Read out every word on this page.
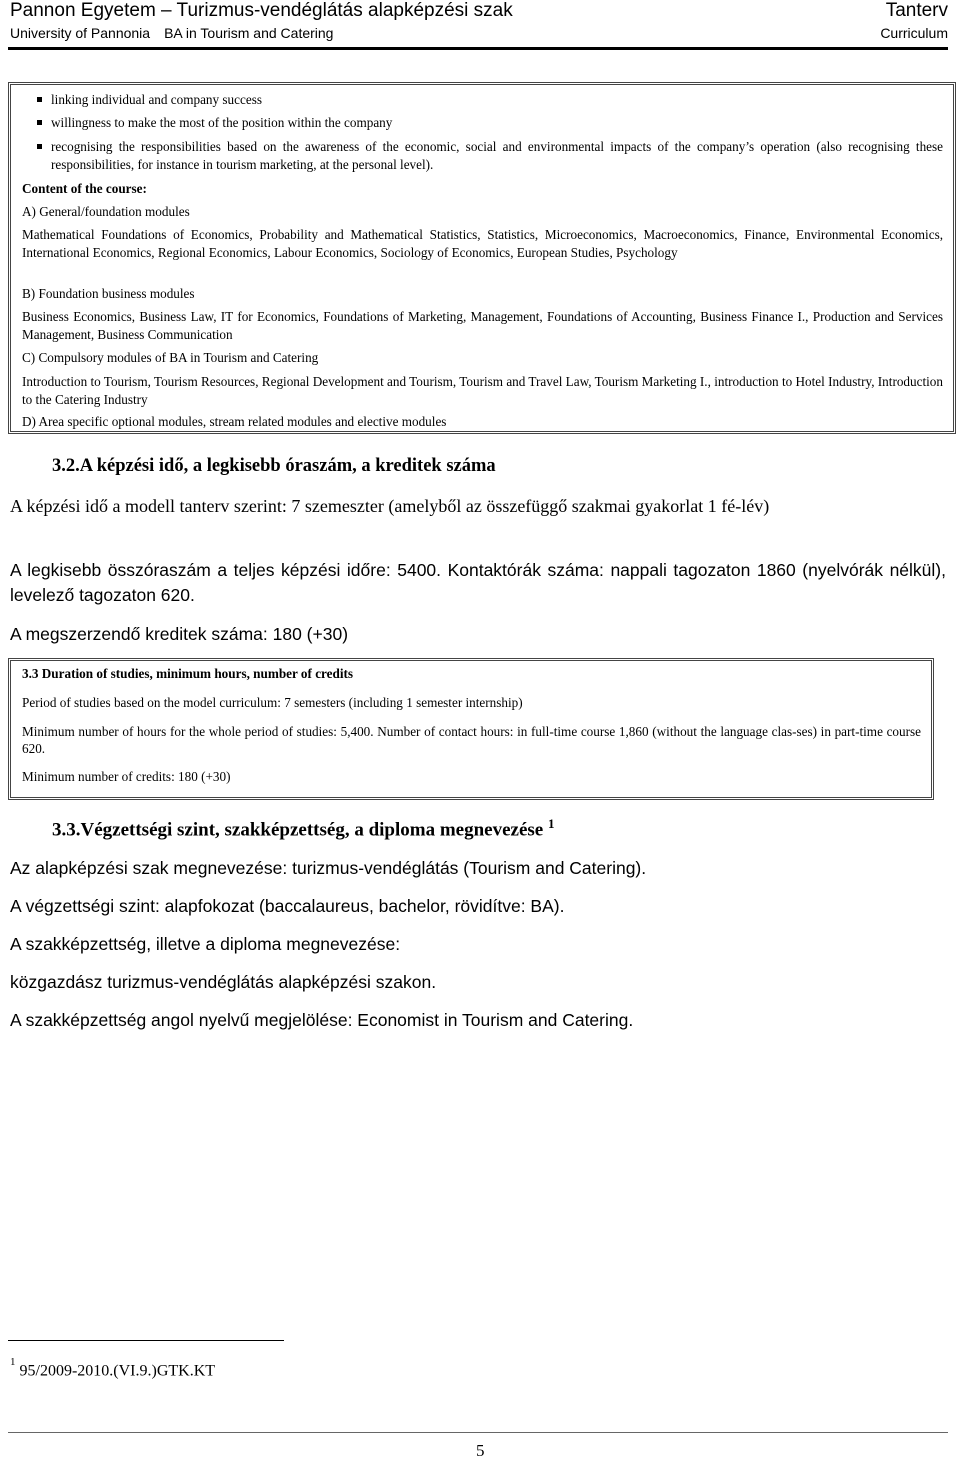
Pannon Egyetem – Turizmus-vendéglátás alapképzési szak	Tanterv
University of Pannonia BA in Tourism and Catering	Curriculum
linking individual and company success
willingness to make the most of the position within the company
recognising the responsibilities based on the awareness of the economic, social and environmental impacts of the company’s operation (also recognising these responsibilities, for instance in tourism marketing, at the personal level).
Content of the course:
A) General/foundation modules
Mathematical Foundations of Economics, Probability and Mathematical Statistics, Statistics, Microeconomics, Macroeconomics, Finance, Environmental Economics, International Economics, Regional Economics, Labour Economics, Sociology of Economics, European Studies, Psychology
B) Foundation business modules
Business Economics, Business Law, IT for Economics, Foundations of Marketing, Management, Foundations of Accounting, Business Finance I., Production and Services Management, Business Communication
C) Compulsory modules of BA in Tourism and Catering
Introduction to Tourism, Tourism Resources, Regional Development and Tourism, Tourism and Travel Law, Tourism Marketing I., introduction to Hotel Industry, Introduction to the Catering Industry
D) Area specific optional modules, stream related modules and elective modules
3.2.A képzési idő, a legkisebb óraszám, a kreditek száma
A képzési idő a modell tanterv szerint: 7 szemeszter (amelyből az összefüggő szakmai gyakorlat 1 fé-lév)
A legkisebb összóraszám a teljes képzési időre: 5400. Kontaktórák száma: nappali tagozaton 1860 (nyelvórák nélkül), levelező tagozaton 620.
A megszerzendő kreditek száma: 180 (+30)
3.3 Duration of studies, minimum hours, number of credits
Period of studies based on the model curriculum: 7 semesters (including 1 semester internship)
Minimum number of hours for the whole period of studies: 5,400. Number of contact hours: in full-time course 1,860 (without the language clas-ses) in part-time course 620.
Minimum number of credits: 180 (+30)
3.3.Végzettségi szint, szakképzettség, a diploma megnevezése $^1$
Az alapképzési szak megnevezése: turizmus-vendéglátás (Tourism and Catering).
A végzettségi szint: alapfokozat (baccalaureus, bachelor, rövidítve: BA).
A szakképzettség, illetve a diploma megnevezése:
közgazdász turizmus-vendéglátás alapképzési szakon.
A szakképzettség angol nyelvű megjelölése: Economist in Tourism and Catering.
$^1$95/2009-2010.(VI.9.)GTK.KT
5
